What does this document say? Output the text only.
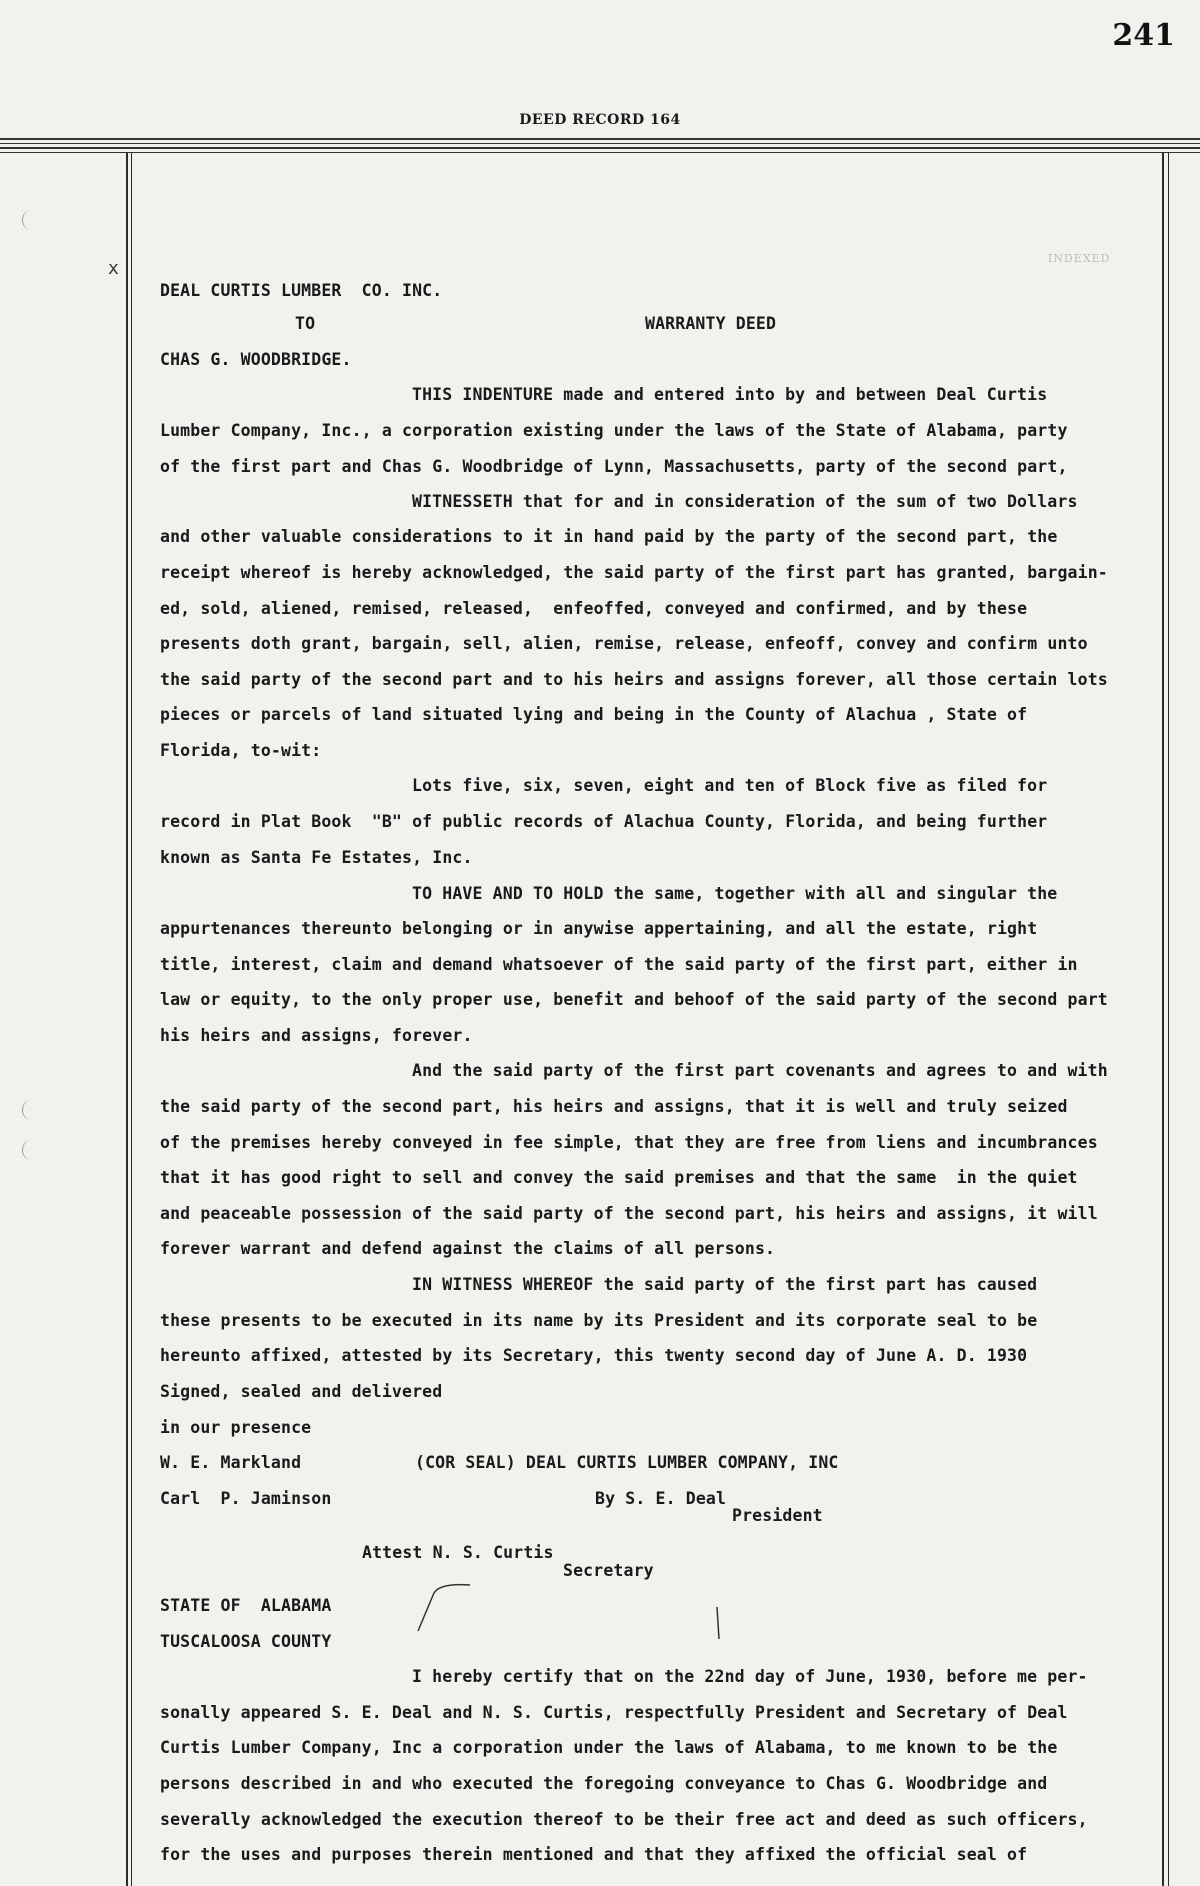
241
DEED RECORD 164
x	INDEXED
DEAL CURTIS LUMBER  CO. INC.
TO	WARRANTY DEED
CHAS G. WOODBRIDGE.
THIS INDENTURE made and entered into by and between Deal Curtis
Lumber Company, Inc., a corporation existing under the laws of the State of Alabama, party
of the first part and Chas G. Woodbridge of Lynn, Massachusetts, party of the second part,
WITNESSETH that for and in consideration of the sum of two Dollars
and other valuable considerations to it in hand paid by the party of the second part, the
receipt whereof is hereby acknowledged, the said party of the first part has granted, bargain-
ed, sold, aliened, remised, released,  enfeoffed, conveyed and confirmed, and by these
presents doth grant, bargain, sell, alien, remise, release, enfeoff, convey and confirm unto
the said party of the second part and to his heirs and assigns forever, all those certain lots
pieces or parcels of land situated lying and being in the County of Alachua , State of
Florida, to-wit:
Lots five, six, seven, eight and ten of Block five as filed for
record in Plat Book  "B" of public records of Alachua County, Florida, and being further
known as Santa Fe Estates, Inc.
TO HAVE AND TO HOLD the same, together with all and singular the
appurtenances thereunto belonging or in anywise appertaining, and all the estate, right
title, interest, claim and demand whatsoever of the said party of the first part, either in
law or equity, to the only proper use, benefit and behoof of the said party of the second part
his heirs and assigns, forever.
And the said party of the first part covenants and agrees to and with
the said party of the second part, his heirs and assigns, that it is well and truly seized
of the premises hereby conveyed in fee simple, that they are free from liens and incumbrances
that it has good right to sell and convey the said premises and that the same  in the quiet
and peaceable possession of the said party of the second part, his heirs and assigns, it will
forever warrant and defend against the claims of all persons.
IN WITNESS WHEREOF the said party of the first part has caused
these presents to be executed in its name by its President and its corporate seal to be
hereunto affixed, attested by its Secretary, this twenty second day of June A. D. 1930
Signed, sealed and delivered
in our presence
W. E. Markland	(COR SEAL) DEAL CURTIS LUMBER COMPANY, INC
Carl  P. Jaminson	By S. E. Deal
President
Attest N. S. Curtis
Secretary
STATE OF  ALABAMA
TUSCALOOSA COUNTY
I hereby certify that on the 22nd day of June, 1930, before me per-
sonally appeared S. E. Deal and N. S. Curtis, respectfully President and Secretary of Deal
Curtis Lumber Company, Inc a corporation under the laws of Alabama, to me known to be the
persons described in and who executed the foregoing conveyance to Chas G. Woodbridge and
severally acknowledged the execution thereof to be their free act and deed as such officers,
for the uses and purposes therein mentioned and that they affixed the official seal of
